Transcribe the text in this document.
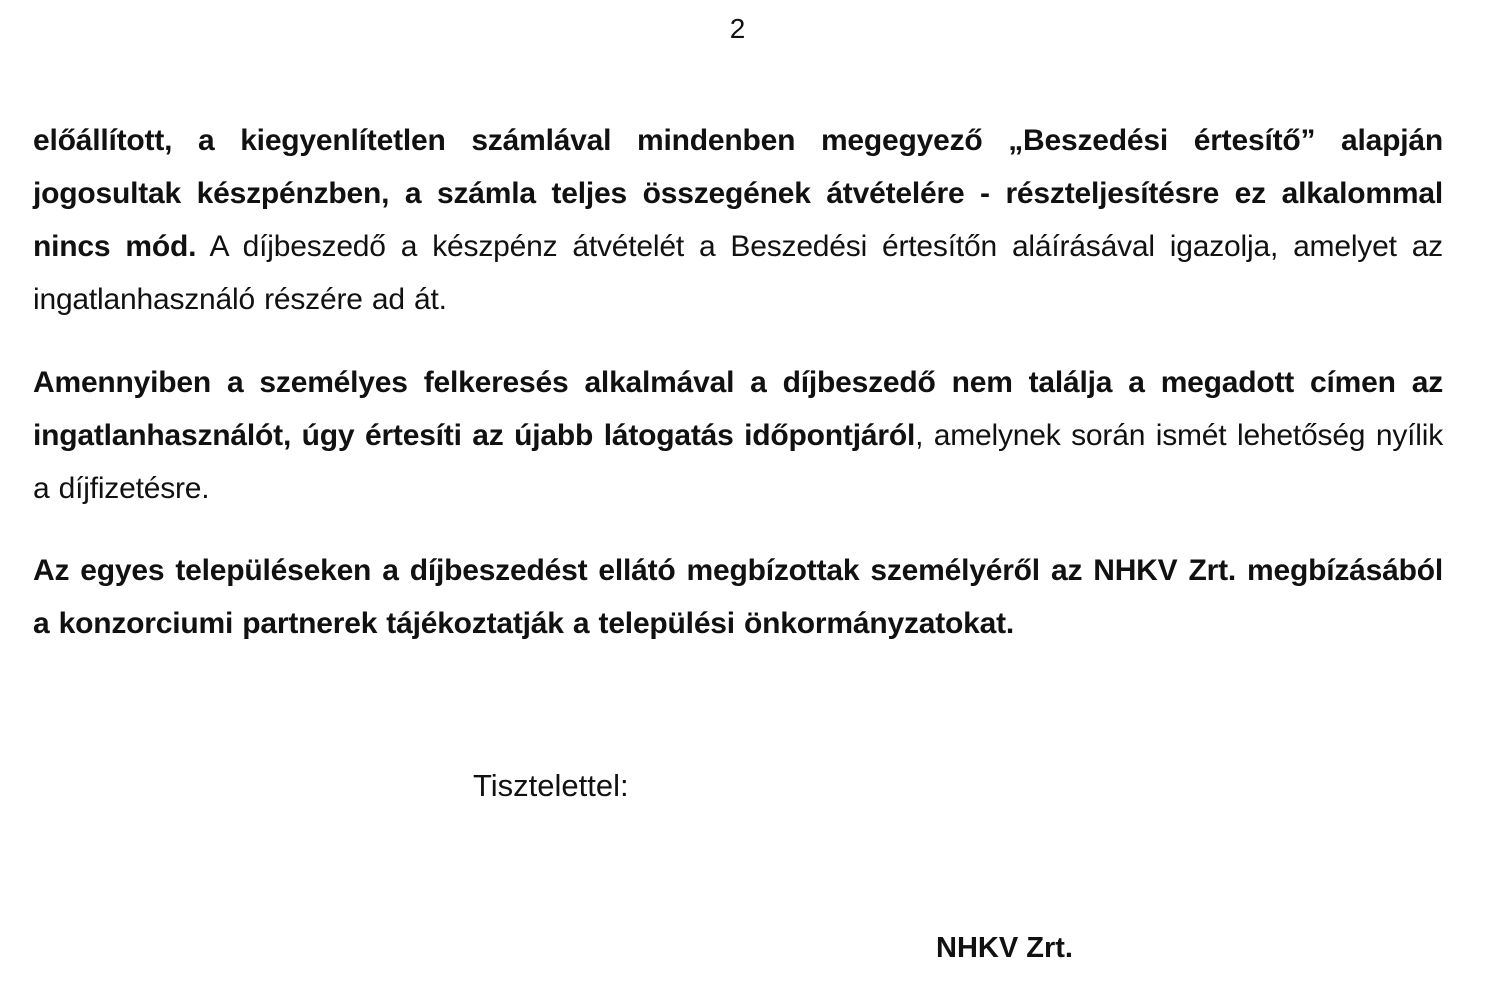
2

előállított, a kiegyenlítetlen számlával mindenben megegyező „Beszedési értesítő” alapján jogosultak készpénzben, a számla teljes összegének átvételére - részteljesítésre ez alkalommal nincs mód. A díjbeszedő a készpénz átvételét a Beszedési értesítőn aláírásával igazolja, amelyet az ingatlanhasználó részére ad át.

Amennyiben a személyes felkeresés alkalmával a díjbeszedő nem találja a megadott címen az ingatlanhasználót, úgy értesíti az újabb látogatás időpontjáról, amelynek során ismét lehetőség nyílik a díjfizetésre.

Az egyes településeken a díjbeszedést ellátó megbízottak személyéről az NHKV Zrt. megbízásából a konzorciumi partnerek tájékoztatják a települési önkormányzatokat.

Tisztelettel:
NHKV Zrt.
